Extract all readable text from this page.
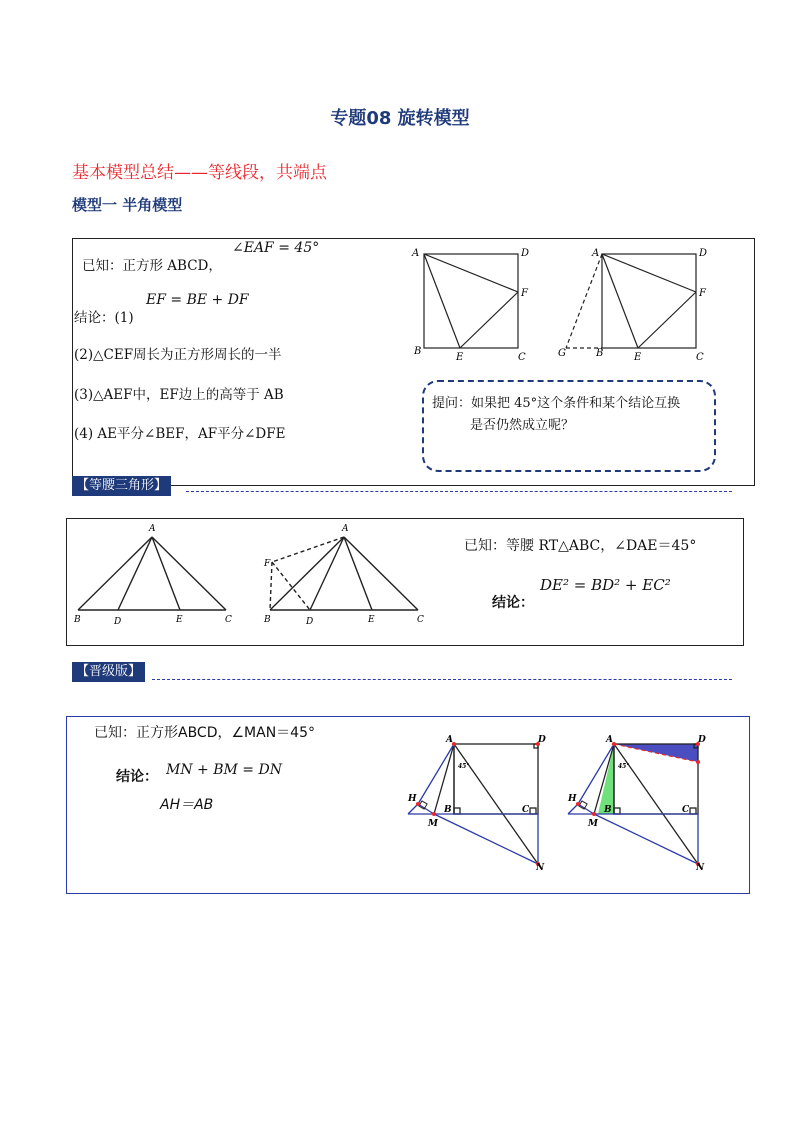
专题08 旋转模型
基本模型总结——等线段，共端点
模型一 半角模型
已知：正方形 ABCD，
∠EAF = 45°
结论：(1)
EF = BE + DF
(2)△CEF周长为正方形周长的一半
(3)△AEF中，EF边上的高等于 AB
(4) AE平分∠BEF，AF平分∠DFE
A	D
F
B
E	C
A	D
F
G	B	E	C
提问：如果把 45°这个条件和某个结论互换
是否仍然成立呢？
【等腰三角形】
A
B	D	E	C
A
F
B	D	E	C
已知：等腰 RT△ABC，∠DAE＝45°
结论：
DE² = BD² + EC²
【晋级版】
已知：正方形ABCD，∠MAN＝45°
结论： MN + BM = DN
AH＝AB
A	D
45°
H
B	C
M
N
A	D
45°
H
B	C
M
N
